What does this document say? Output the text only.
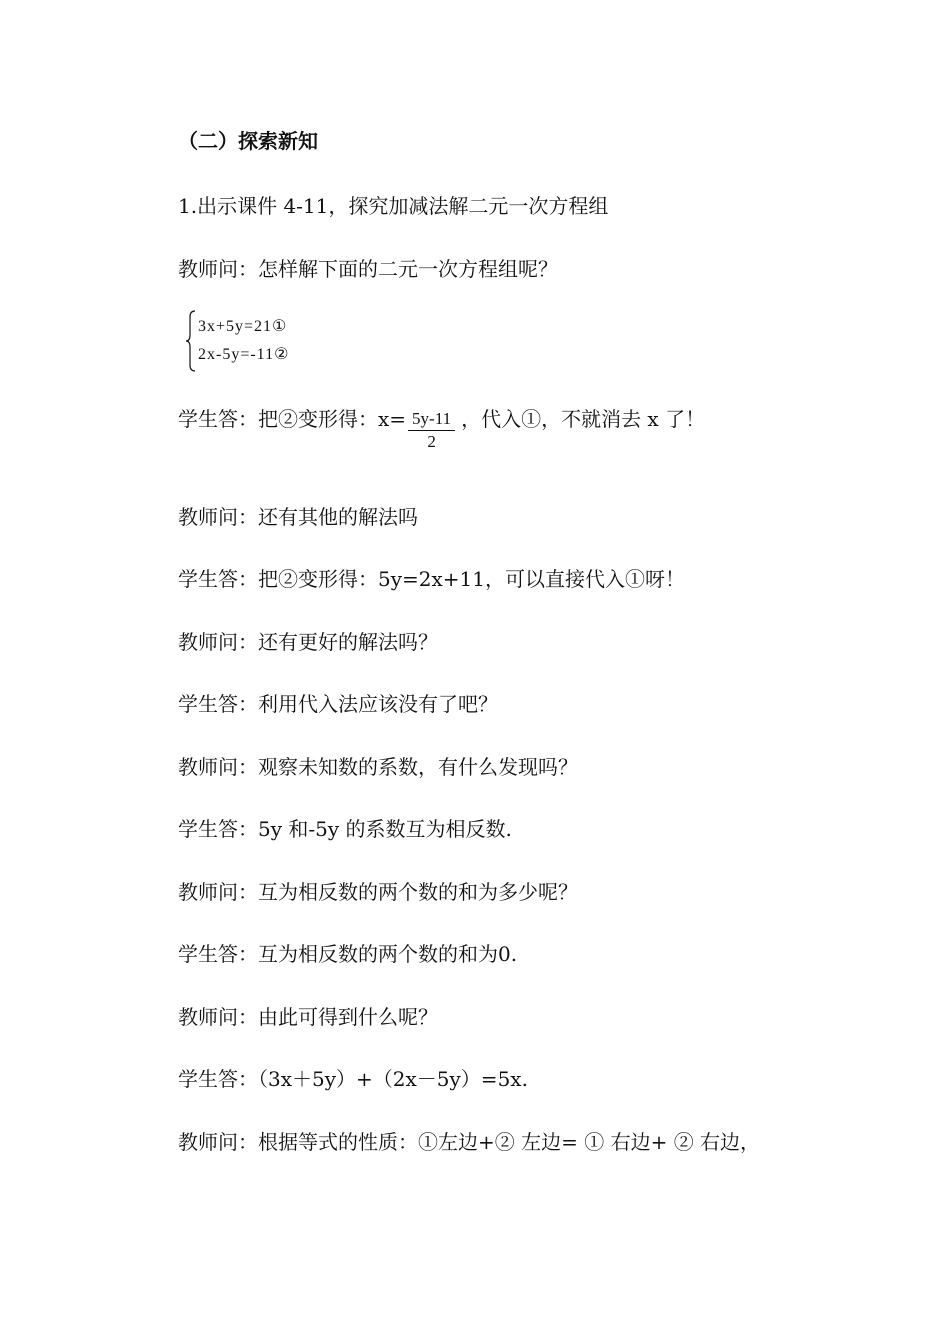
（二）探索新知
1.出示课件 4-11，探究加减法解二元一次方程组
教师问：怎样解下面的二元一次方程组呢？
3x+5y=21①
2x-5y=-11②
学生答：把②变形得：$x= \frac{5y-11}{2}$ ，代入①，不就消去 x 了！
教师问：还有其他的解法吗
学生答：把②变形得：5y=2x+11，可以直接代入①呀！
教师问：还有更好的解法吗？
学生答：利用代入法应该没有了吧？
教师问：观察未知数的系数，有什么发现吗？
学生答：5y 和-5y 的系数互为相反数.
教师问：互为相反数的两个数的和为多少呢？
学生答：互为相反数的两个数的和为0.
教师问：由此可得到什么呢？
学生答：（3x＋5y）+（2x－5y）=5x.
教师问：根据等式的性质：①左边+② 左边= ① 右边+ ② 右边，
